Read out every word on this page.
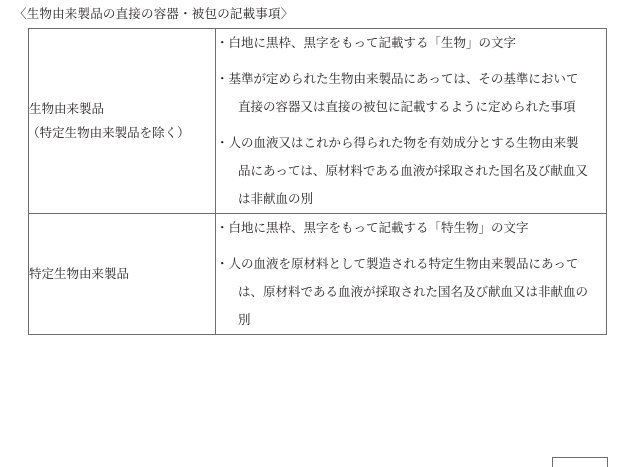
〈生物由来製品の直接の容器・被包の記載事項〉
生物由来製品
（特定生物由来製品を除く）

・白地に黒枠、黒字をもって記載する「生物」の文字
・基準が定められた生物由来製品にあっては、その基準において
直接の容器又は直接の被包に記載するように定められた事項
・人の血液又はこれから得られた物を有効成分とする生物由来製
品にあっては、原材料である血液が採取された国名及び献血又
は非献血の別

特定生物由来製品

・白地に黒枠、黒字をもって記載する「特生物」の文字
・人の血液を原材料として製造される特定生物由来製品にあって
は、原材料である血液が採取された国名及び献血又は非献血の
別
